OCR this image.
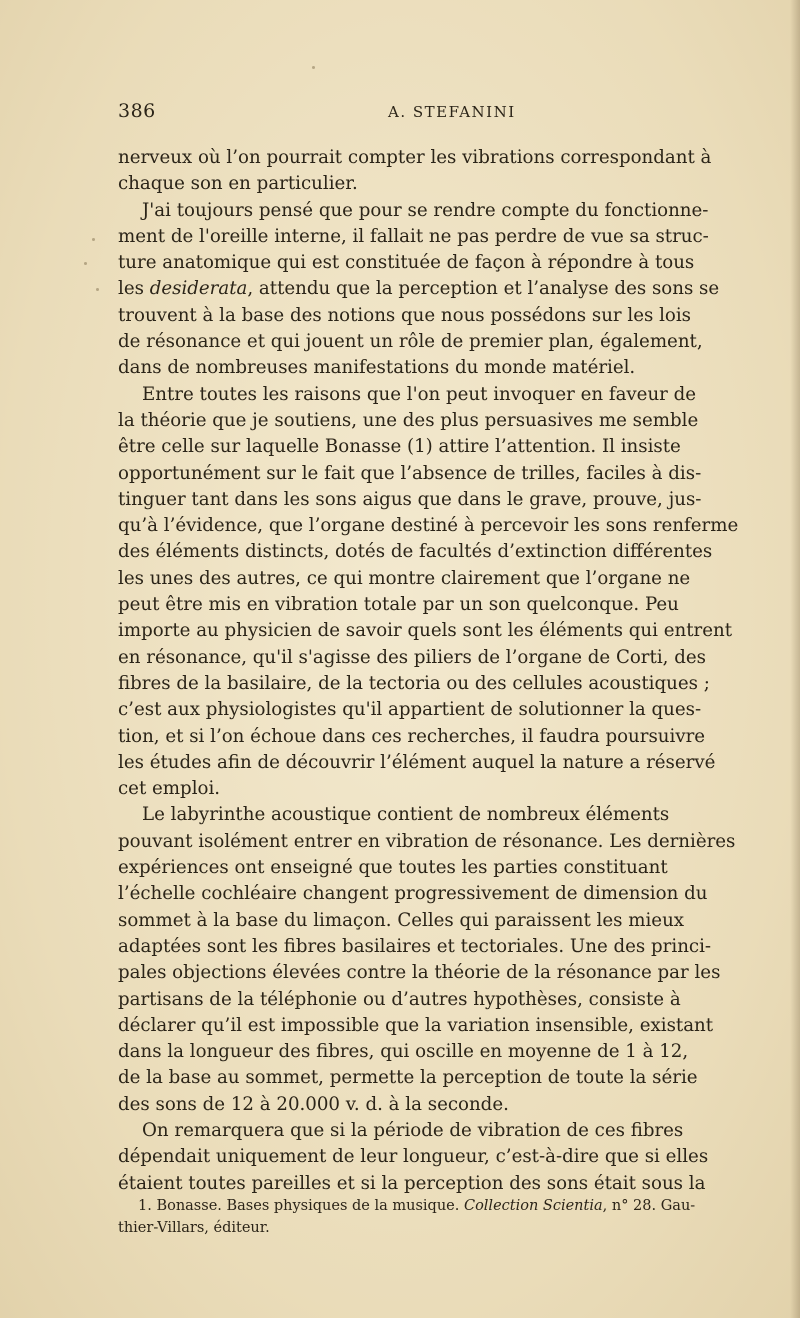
386	A. STEFANINI

nerveux où l’on pourrait compter les vibrations correspondant à
chaque son en particulier.

J'ai toujours pensé que pour se rendre compte du fonctionne-
ment de l'oreille interne, il fallait ne pas perdre de vue sa struc-
ture anatomique qui est constituée de façon à répondre à tous
les desiderata, attendu que la perception et l’analyse des sons se
trouvent à la base des notions que nous possédons sur les lois
de résonance et qui jouent un rôle de premier plan, également,
dans de nombreuses manifestations du monde matériel.

Entre toutes les raisons que l'on peut invoquer en faveur de
la théorie que je soutiens, une des plus persuasives me semble
être celle sur laquelle Bonasse (1) attire l’attention. Il insiste
opportunément sur le fait que l’absence de trilles, faciles à dis-
tinguer tant dans les sons aigus que dans le grave, prouve, jus-
qu’à l’évidence, que l’organe destiné à percevoir les sons renferme
des éléments distincts, dotés de facultés d’extinction différentes
les unes des autres, ce qui montre clairement que l’organe ne
peut être mis en vibration totale par un son quelconque. Peu
importe au physicien de savoir quels sont les éléments qui entrent
en résonance, qu'il s'agisse des piliers de l’organe de Corti, des
fibres de la basilaire, de la tectoria ou des cellules acoustiques ;
c’est aux physiologistes qu'il appartient de solutionner la ques-
tion, et si l’on échoue dans ces recherches, il faudra poursuivre
les études afin de découvrir l’élément auquel la nature a réservé
cet emploi.

Le labyrinthe acoustique contient de nombreux éléments
pouvant isolément entrer en vibration de résonance. Les dernières
expériences ont enseigné que toutes les parties constituant
l’échelle cochléaire changent progressivement de dimension du
sommet à la base du limaçon. Celles qui paraissent les mieux
adaptées sont les fibres basilaires et tectoriales. Une des princi-
pales objections élevées contre la théorie de la résonance par les
partisans de la téléphonie ou d’autres hypothèses, consiste à
déclarer qu’il est impossible que la variation insensible, existant
dans la longueur des fibres, qui oscille en moyenne de 1 à 12,
de la base au sommet, permette la perception de toute la série
des sons de 12 à 20.000 v. d. à la seconde.

On remarquera que si la période de vibration de ces fibres
dépendait uniquement de leur longueur, c’est-à-dire que si elles
étaient toutes pareilles et si la perception des sons était sous la

1. Bonasse. Bases physiques de la musique. Collection Scientia, n° 28. Gau-
thier-Villars, éditeur.
